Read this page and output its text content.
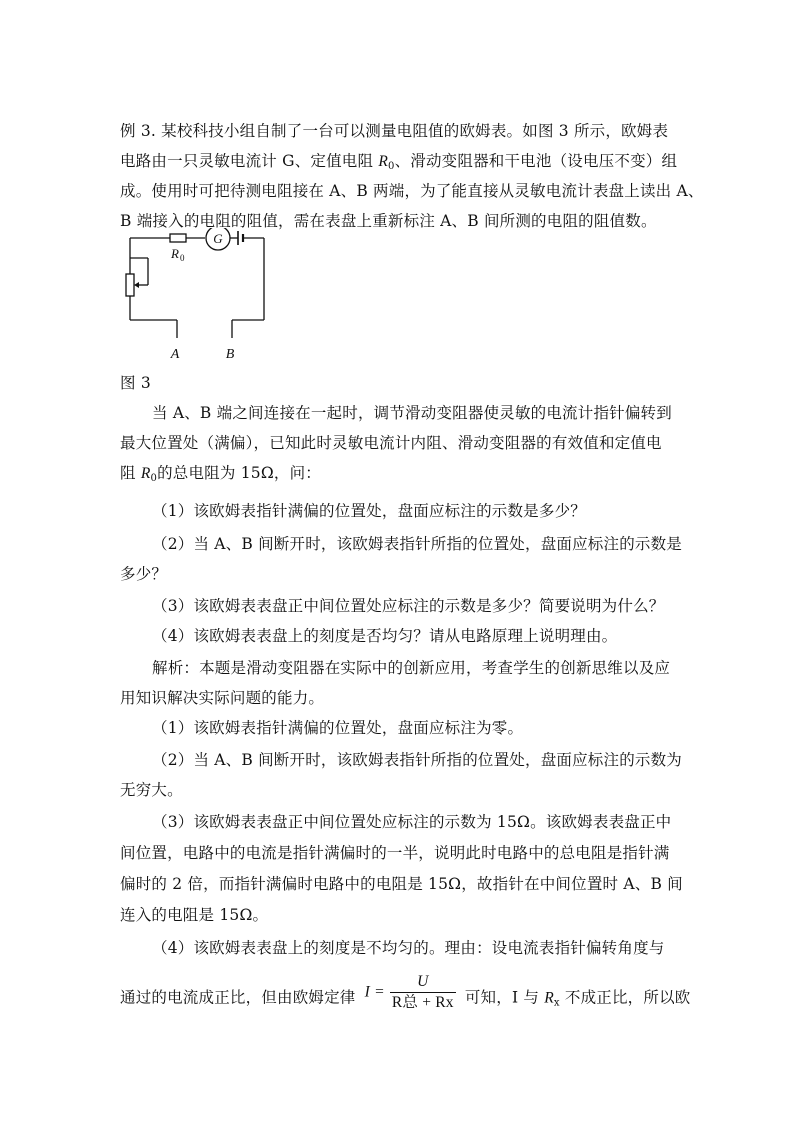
例 3. 某校科技小组自制了一台可以测量电阻值的欧姆表。如图 3 所示，欧姆表
电路由一只灵敏电流计 G、定值电阻 $R_0$、滑动变阻器和干电池（设电压不变）组
成。使用时可把待测电阻接在 A、B 两端，为了能直接从灵敏电流计表盘上读出 A、
B 端接入的电阻的阻值，需在表盘上重新标注 A、B 间所测的电阻的阻值数。
G
R 0
A	B
图 3
当 A、B 端之间连接在一起时，调节滑动变阻器使灵敏的电流计指针偏转到
最大位置处（满偏），已知此时灵敏电流计内阻、滑动变阻器的有效值和定值电
阻 $R_0$的总电阻为 15Ω，问：
（1）该欧姆表指针满偏的位置处，盘面应标注的示数是多少？
（2）当 A、B 间断开时，该欧姆表指针所指的位置处，盘面应标注的示数是
多少？
（3）该欧姆表表盘正中间位置处应标注的示数是多少？简要说明为什么？
（4）该欧姆表表盘上的刻度是否均匀？请从电路原理上说明理由。
解析：本题是滑动变阻器在实际中的创新应用，考查学生的创新思维以及应
用知识解决实际问题的能力。
（1）该欧姆表指针满偏的位置处，盘面应标注为零。
（2）当 A、B 间断开时，该欧姆表指针所指的位置处，盘面应标注的示数为
无穷大。
（3）该欧姆表表盘正中间位置处应标注的示数为 15Ω。该欧姆表表盘正中
间位置，电路中的电流是指针满偏时的一半，说明此时电路中的总电阻是指针满
偏时的 2 倍，而指针满偏时电路中的电阻是 15Ω，故指针在中间位置时 A、B 间
连入的电阻是 15Ω。
（4）该欧姆表表盘上的刻度是不均匀的。理由：设电流表指针偏转角度与
通过的电流成正比，但由欧姆定律 $I = \frac{U}{\text{R总 + Rx}}$ 可知，I 与 $R_x$ 不成正比，所以欧
